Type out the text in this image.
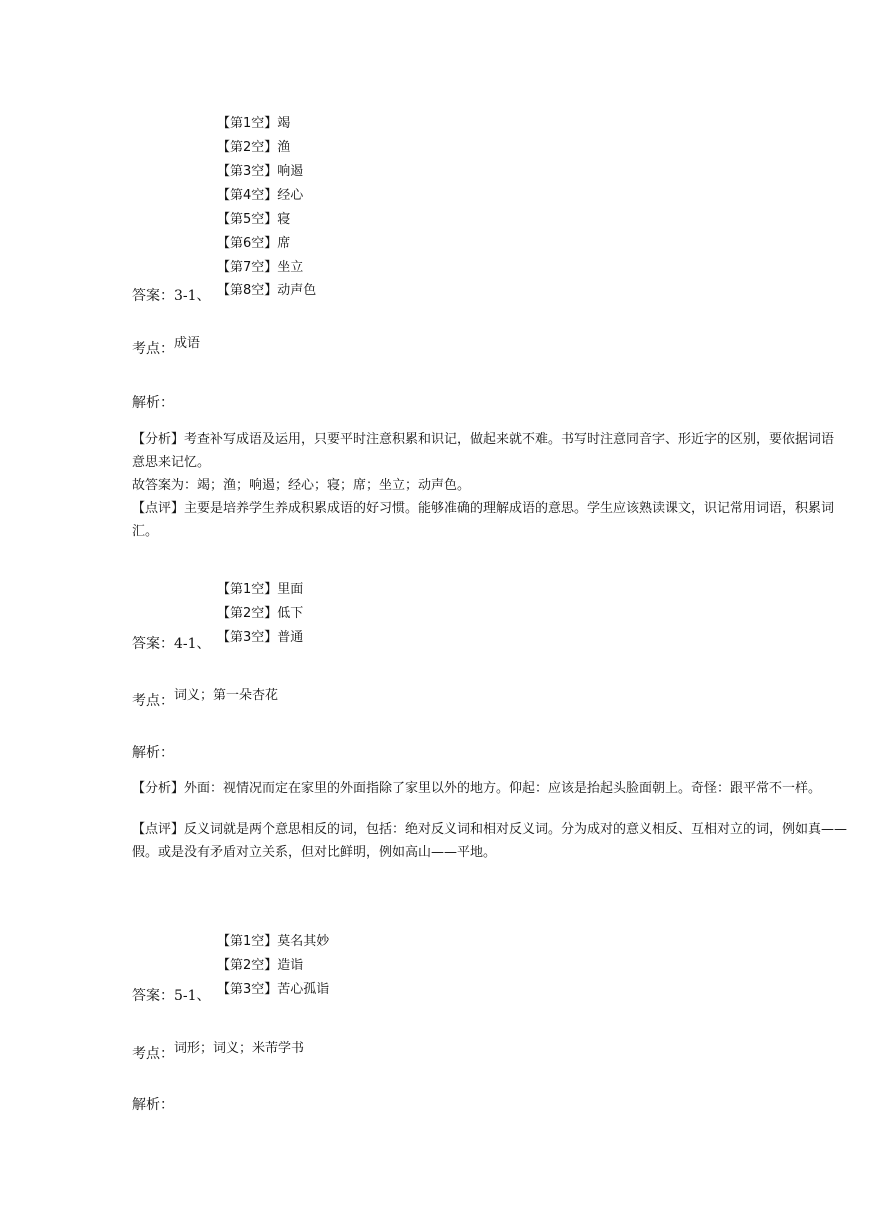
【第1空】竭
【第2空】渔
【第3空】响遏
【第4空】经心
【第5空】寝
【第6空】席
【第7空】坐立
答案：3-1、 【第8空】动声色
考点：$^{成语}$
解析：
【分析】考查补写成语及运用，只要平时注意积累和识记，做起来就不难。书写时注意同音字、形近字的区别，要依据词语
意思来记忆。
故答案为：竭；渔；响遏；经心；寝；席；坐立；动声色。
【点评】主要是培养学生养成积累成语的好习惯。能够准确的理解成语的意思。学生应该熟读课文，识记常用词语，积累词
汇。
【第1空】里面
【第2空】低下
答案：4-1、 【第3空】普通
考点：$^{词义;第一朵杏花}$
解析：
【分析】外面：视情况而定在家里的外面指除了家里以外的地方。仰起：应该是抬起头脸面朝上。奇怪：跟平常不一样。
【点评】反义词就是两个意思相反的词，包括：绝对反义词和相对反义词。分为成对的意义相反、互相对立的词，例如真——
假。或是没有矛盾对立关系，但对比鲜明，例如高山——平地。
【第1空】莫名其妙
【第2空】造诣
答案：5-1、 【第3空】苦心孤诣
考点：$^{词形;词义;米芾学书}$
解析：
